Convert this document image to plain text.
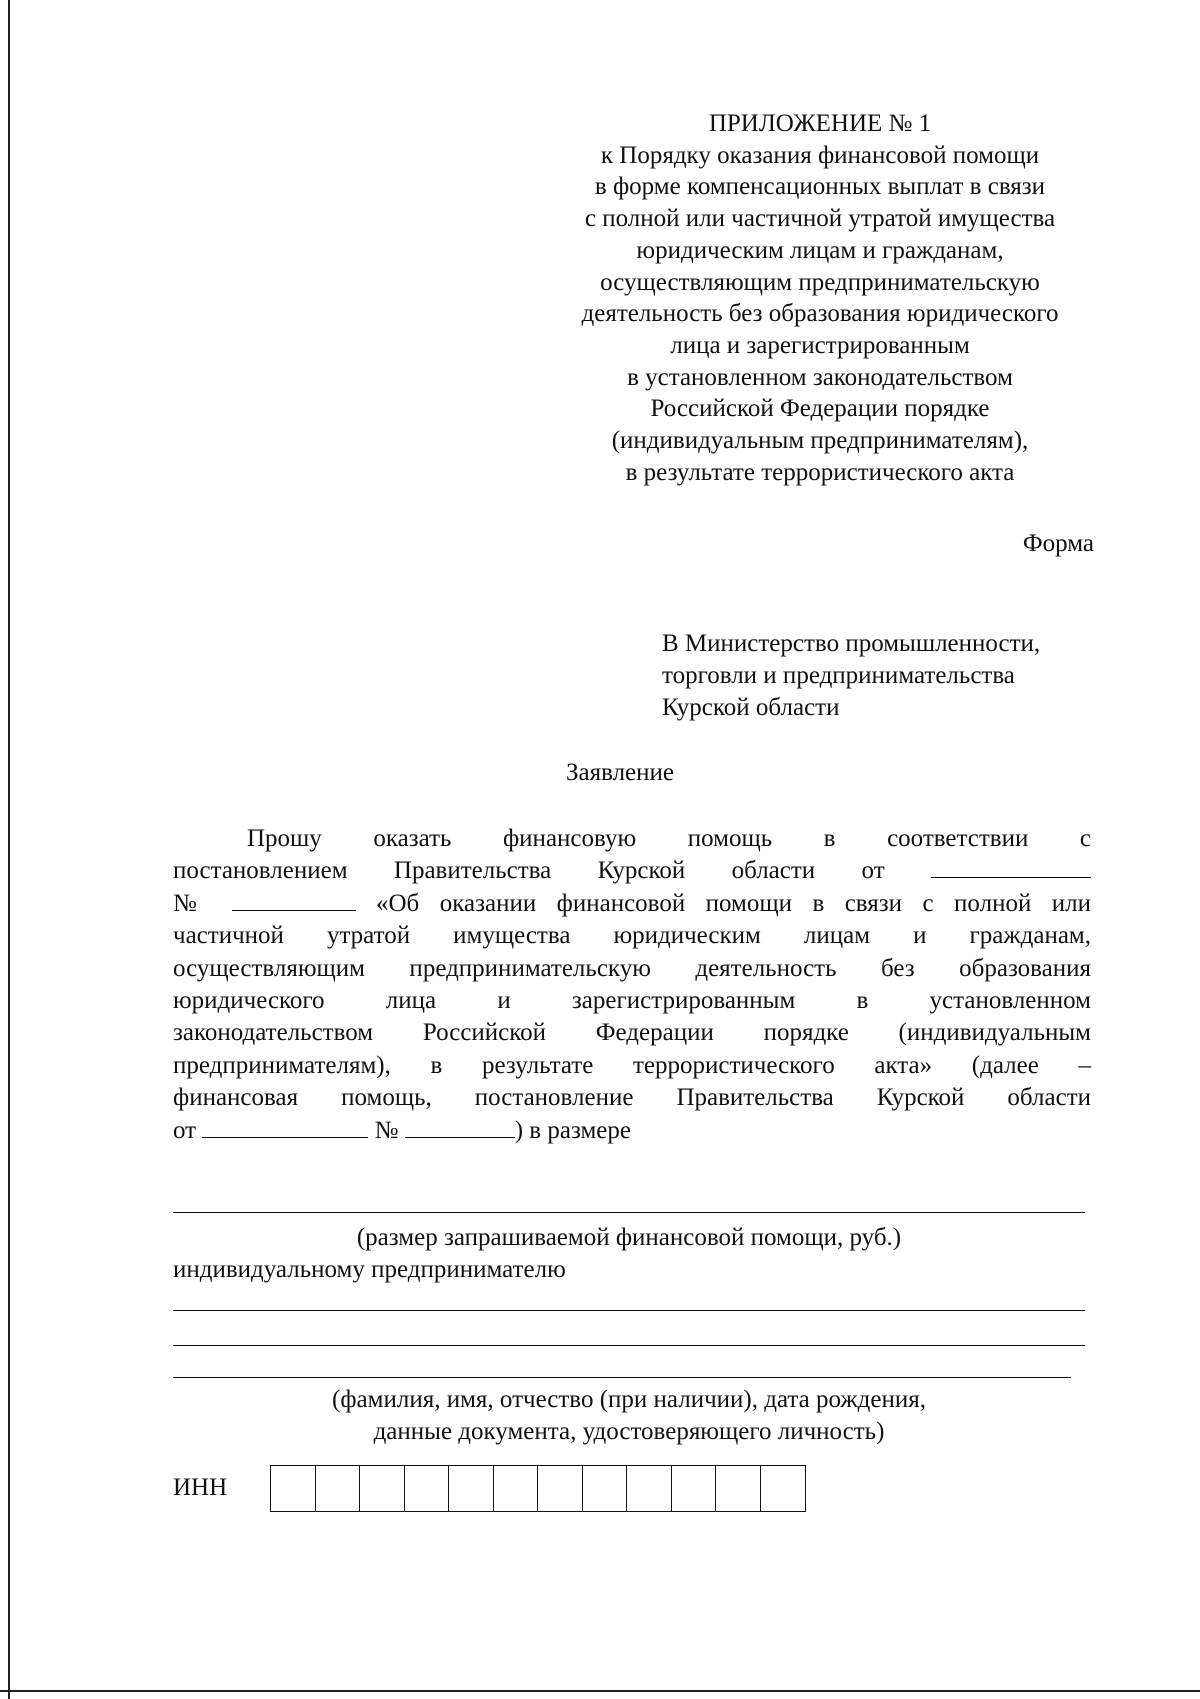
ПРИЛОЖЕНИЕ № 1
к Порядку оказания финансовой помощи
в форме компенсационных выплат в связи
с полной или частичной утратой имущества
юридическим лицам и гражданам,
осуществляющим предпринимательскую
деятельность без образования юридического
лица и зарегистрированным
в установленном законодательством
Российской Федерации порядке
(индивидуальным предпринимателям),
в результате террористического акта
Форма
В Министерство промышленности,
торговли и предпринимательства
Курской области
Заявление
Прошу оказать финансовую помощь в соответствии с
постановлением Правительства Курской области от
№	«Об оказании финансовой помощи в связи с полной или
частичной утратой имущества юридическим лицам и гражданам,
осуществляющим предпринимательскую деятельность без образования
юридического лица и зарегистрированным в установленном
законодательством Российской Федерации порядке (индивидуальным
предпринимателям), в результате террористического акта» (далее –
финансовая помощь, постановление Правительства Курской области
от	№	) в размере
(размер запрашиваемой финансовой помощи, руб.)
индивидуальному предпринимателю
(фамилия, имя, отчество (при наличии), дата рождения,
данные документа, удостоверяющего личность)
ИНН
